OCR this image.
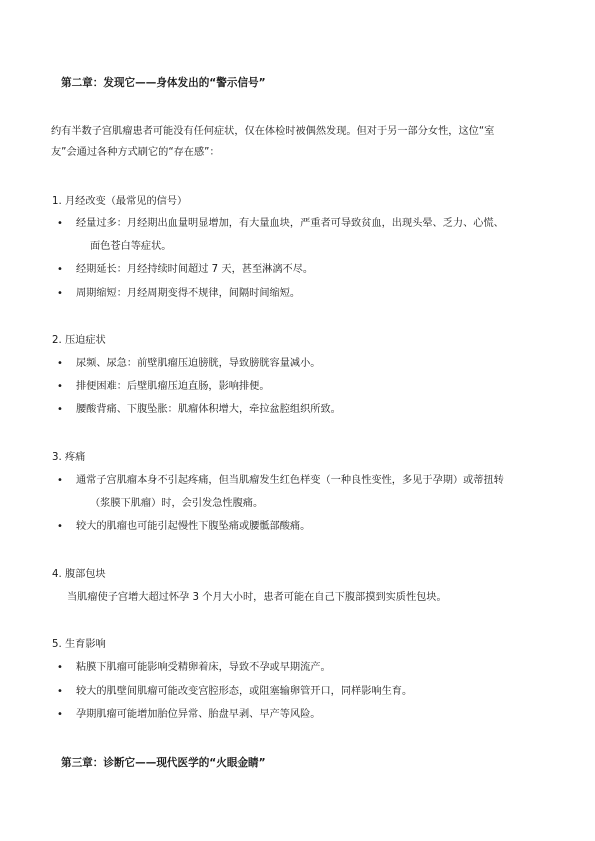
第二章：发现它——身体发出的“警示信号”
约有半数子宫肌瘤患者可能没有任何症状，仅在体检时被偶然发现。但对于另一部分女性，这位“室
友”会通过各种方式刷它的“存在感”：
1. 月经改变（最常见的信号）
• 经量过多：月经期出血量明显增加，有大量血块，严重者可导致贫血，出现头晕、乏力、心慌、
面色苍白等症状。
• 经期延长：月经持续时间超过 7 天，甚至淋漓不尽。
• 周期缩短：月经周期变得不规律，间隔时间缩短。
2. 压迫症状
• 尿频、尿急：前壁肌瘤压迫膀胱，导致膀胱容量减小。
• 排便困难：后壁肌瘤压迫直肠，影响排便。
• 腰酸背痛、下腹坠胀：肌瘤体积增大，牵拉盆腔组织所致。
3. 疼痛
• 通常子宫肌瘤本身不引起疼痛，但当肌瘤发生红色样变（一种良性变性，多见于孕期）或蒂扭转
（浆膜下肌瘤）时，会引发急性腹痛。
• 较大的肌瘤也可能引起慢性下腹坠痛或腰骶部酸痛。
4. 腹部包块
当肌瘤使子宫增大超过怀孕 3 个月大小时，患者可能在自己下腹部摸到实质性包块。
5. 生育影响
• 粘膜下肌瘤可能影响受精卵着床，导致不孕或早期流产。
• 较大的肌壁间肌瘤可能改变宫腔形态，或阻塞输卵管开口，同样影响生育。
• 孕期肌瘤可能增加胎位异常、胎盘早剥、早产等风险。
第三章：诊断它——现代医学的“火眼金睛”
